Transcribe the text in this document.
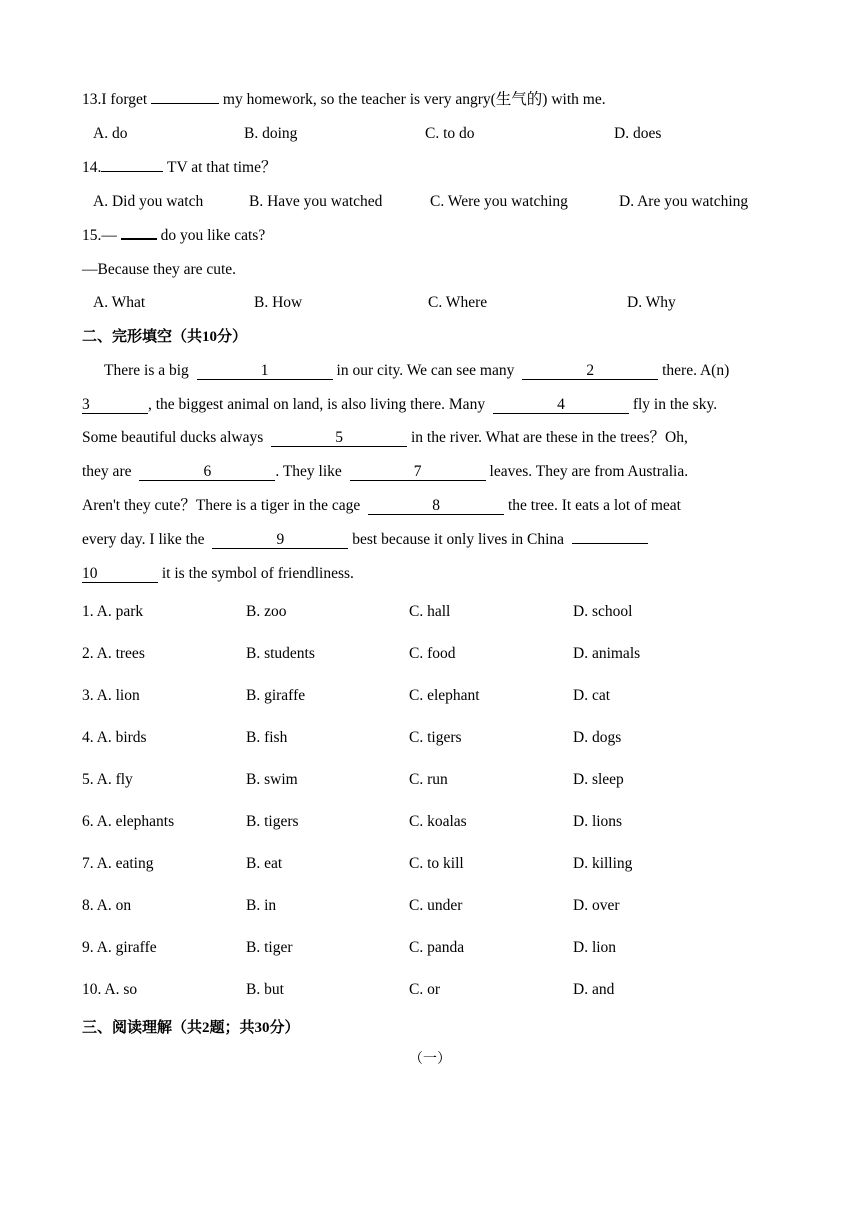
13.I forget	my homework, so the teacher is very angry(生气的) with me.
A. do	B. doing	C. to do	D. does
14.	TV at that time？
A. Did you watch	B. Have you watched	C. Were you watching	D. Are you watching
15.—	do you like cats?
—Because they are cute.
A. What	B. How	C. Where	D. Why
二、完形填空（共10分）
There is a big	1	in our city. We can see many	2	there. A(n)
3	, the biggest animal on land, is also living there. Many	4	fly in the sky.
Some beautiful ducks always	5	in the river. What are these in the trees？Oh,
they are	6	. They like	7	leaves. They are from Australia.
Aren't they cute？There is a tiger in the cage	8	the tree. It eats a lot of meat
every day. I like the	9	best because it only lives in China
10	it is the symbol of friendliness.
1. A. park	B. zoo	C. hall	D. school
2. A. trees	B. students	C. food	D. animals
3. A. lion	B. giraffe	C. elephant	D. cat
4. A. birds	B. fish	C. tigers	D. dogs
5. A. fly	B. swim	C. run	D. sleep
6. A. elephants	B. tigers	C. koalas	D. lions
7. A. eating	B. eat	C. to kill	D. killing
8. A. on	B. in	C. under	D. over
9. A. giraffe	B. tiger	C. panda	D. lion
10. A. so	B. but	C. or	D. and
三、阅读理解（共2题；共30分）
（一）
